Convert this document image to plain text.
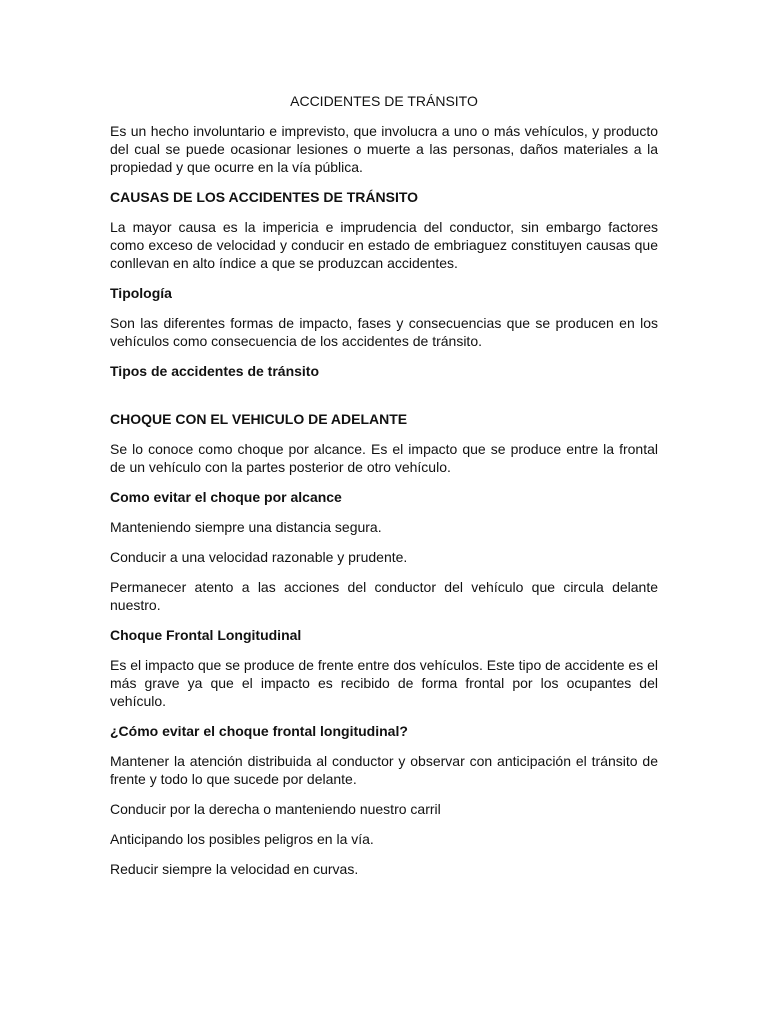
ACCIDENTES DE TRÁNSITO

Es un hecho involuntario e imprevisto, que involucra a uno o más vehículos, y producto del cual se puede ocasionar lesiones o muerte a las personas, daños materiales a la propiedad y que ocurre en la vía pública.

CAUSAS DE LOS ACCIDENTES DE TRÁNSITO

La mayor causa es la impericia e imprudencia del conductor, sin embargo factores como exceso de velocidad y conducir en estado de embriaguez constituyen causas que conllevan en alto índice a que se produzcan accidentes.

Tipología

Son las diferentes formas de impacto, fases y consecuencias que se producen en los vehículos como consecuencia de los accidentes de tránsito.

Tipos de accidentes de tránsito
CHOQUE CON EL VEHICULO DE ADELANTE

Se lo conoce como choque por alcance. Es el impacto que se produce entre la frontal de un vehículo con la partes posterior de otro vehículo.

Como evitar el choque por alcance

Manteniendo siempre una distancia segura.

Conducir a una velocidad razonable y prudente.

Permanecer atento a las acciones del conductor del vehículo que circula delante nuestro.

Choque Frontal Longitudinal

Es el impacto que se produce de frente entre dos vehículos. Este tipo de accidente es el más grave ya que el impacto es recibido de forma frontal por los ocupantes del vehículo.

¿Cómo evitar el choque frontal longitudinal?

Mantener la atención distribuida al conductor y observar con anticipación el tránsito de frente y todo lo que sucede por delante.

Conducir por la derecha o manteniendo nuestro carril

Anticipando los posibles peligros en la vía.

Reducir siempre la velocidad en curvas.
